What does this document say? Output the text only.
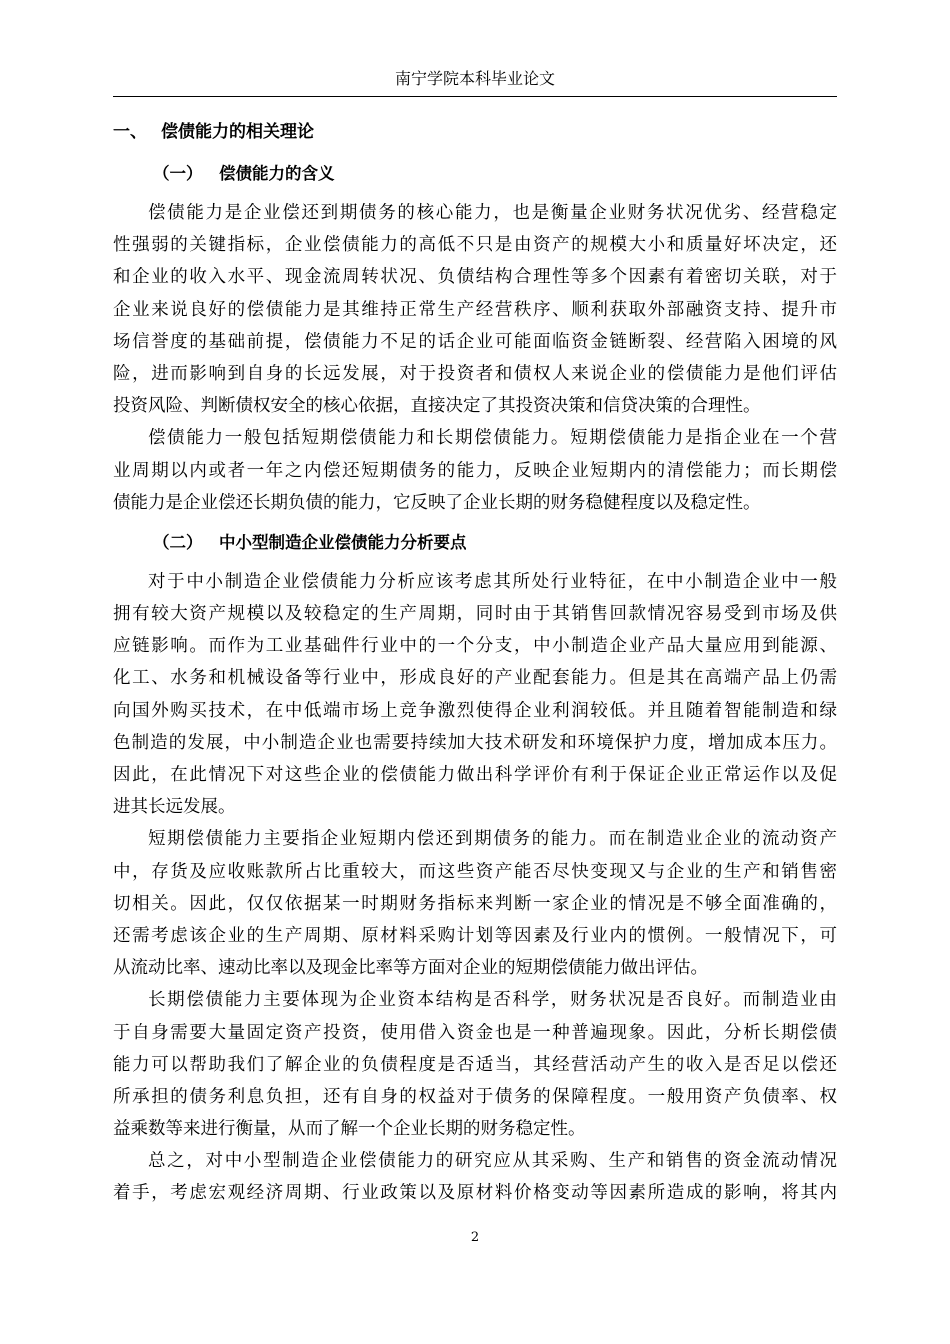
南宁学院本科毕业论文
一、 偿债能力的相关理论
（一）	偿债能力的含义
偿债能力是企业偿还到期债务的核心能力，也是衡量企业财务状况优劣、经营稳定
性强弱的关键指标，企业偿债能力的高低不只是由资产的规模大小和质量好坏决定，还
和企业的收入水平、现金流周转状况、负债结构合理性等多个因素有着密切关联，对于
企业来说良好的偿债能力是其维持正常生产经营秩序、顺利获取外部融资支持、提升市
场信誉度的基础前提，偿债能力不足的话企业可能面临资金链断裂、经营陷入困境的风
险，进而影响到自身的长远发展，对于投资者和债权人来说企业的偿债能力是他们评估
投资风险、判断债权安全的核心依据，直接决定了其投资决策和信贷决策的合理性。
偿债能力一般包括短期偿债能力和长期偿债能力。短期偿债能力是指企业在一个营
业周期以内或者一年之内偿还短期债务的能力，反映企业短期内的清偿能力；而长期偿
债能力是企业偿还长期负债的能力，它反映了企业长期的财务稳健程度以及稳定性。
（二）	中小型制造企业偿债能力分析要点
对于中小制造企业偿债能力分析应该考虑其所处行业特征，在中小制造企业中一般
拥有较大资产规模以及较稳定的生产周期，同时由于其销售回款情况容易受到市场及供
应链影响。而作为工业基础件行业中的一个分支，中小制造企业产品大量应用到能源、
化工、水务和机械设备等行业中，形成良好的产业配套能力。但是其在高端产品上仍需
向国外购买技术，在中低端市场上竞争激烈使得企业利润较低。并且随着智能制造和绿
色制造的发展，中小制造企业也需要持续加大技术研发和环境保护力度，增加成本压力。
因此，在此情况下对这些企业的偿债能力做出科学评价有利于保证企业正常运作以及促
进其长远发展。
短期偿债能力主要指企业短期内偿还到期债务的能力。而在制造业企业的流动资产
中，存货及应收账款所占比重较大，而这些资产能否尽快变现又与企业的生产和销售密
切相关。因此，仅仅依据某一时期财务指标来判断一家企业的情况是不够全面准确的，
还需考虑该企业的生产周期、原材料采购计划等因素及行业内的惯例。一般情况下，可
从流动比率、速动比率以及现金比率等方面对企业的短期偿债能力做出评估。
长期偿债能力主要体现为企业资本结构是否科学，财务状况是否良好。而制造业由
于自身需要大量固定资产投资，使用借入资金也是一种普遍现象。因此，分析长期偿债
能力可以帮助我们了解企业的负债程度是否适当，其经营活动产生的收入是否足以偿还
所承担的债务利息负担，还有自身的权益对于债务的保障程度。一般用资产负债率、权
益乘数等来进行衡量，从而了解一个企业长期的财务稳定性。
总之，对中小型制造企业偿债能力的研究应从其采购、生产和销售的资金流动情况
着手，考虑宏观经济周期、行业政策以及原材料价格变动等因素所造成的影响，将其内
2
